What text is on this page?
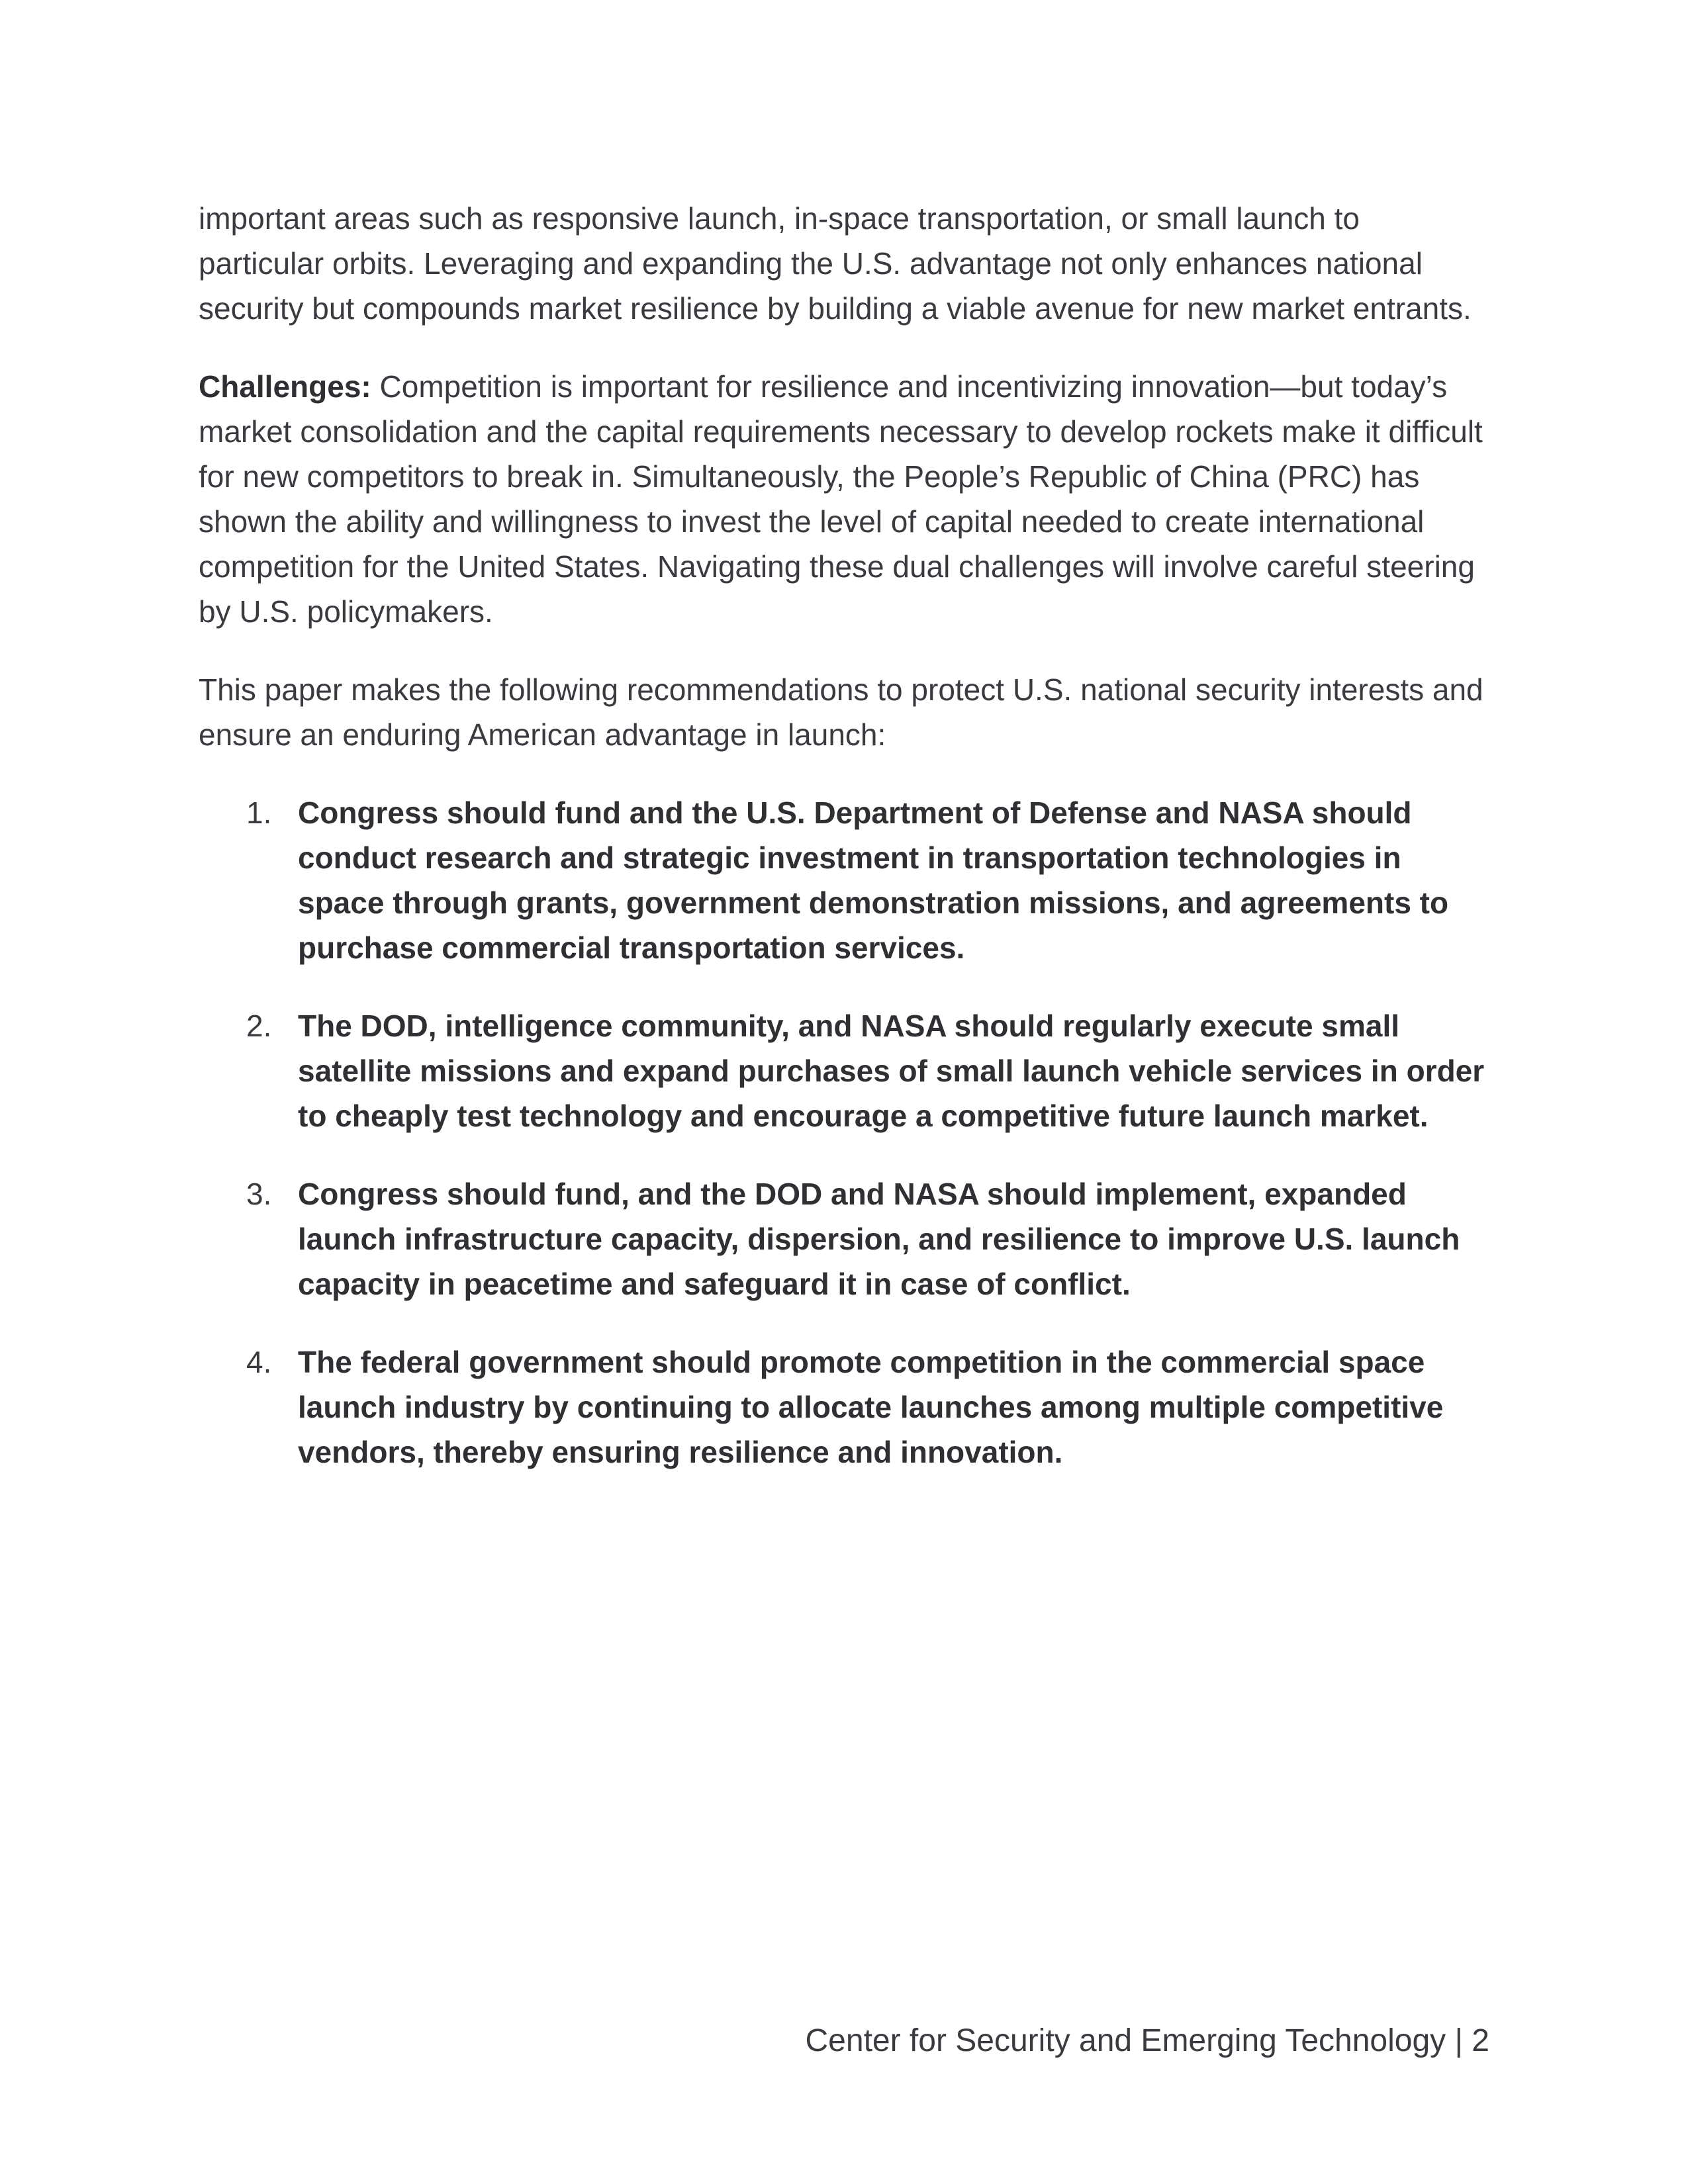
important areas such as responsive launch, in-space transportation, or small launch to particular orbits. Leveraging and expanding the U.S. advantage not only enhances national security but compounds market resilience by building a viable avenue for new market entrants.

Challenges: Competition is important for resilience and incentivizing innovation—but today’s market consolidation and the capital requirements necessary to develop rockets make it difficult for new competitors to break in. Simultaneously, the People’s Republic of China (PRC) has shown the ability and willingness to invest the level of capital needed to create international competition for the United States. Navigating these dual challenges will involve careful steering by U.S. policymakers.

This paper makes the following recommendations to protect U.S. national security interests and ensure an enduring American advantage in launch:

1. Congress should fund and the U.S. Department of Defense and NASA should conduct research and strategic investment in transportation technologies in space through grants, government demonstration missions, and agreements to purchase commercial transportation services.
2. The DOD, intelligence community, and NASA should regularly execute small satellite missions and expand purchases of small launch vehicle services in order to cheaply test technology and encourage a competitive future launch market.
3. Congress should fund, and the DOD and NASA should implement, expanded launch infrastructure capacity, dispersion, and resilience to improve U.S. launch capacity in peacetime and safeguard it in case of conflict.
4. The federal government should promote competition in the commercial space launch industry by continuing to allocate launches among multiple competitive vendors, thereby ensuring resilience and innovation.
Center for Security and Emerging Technology | 2
